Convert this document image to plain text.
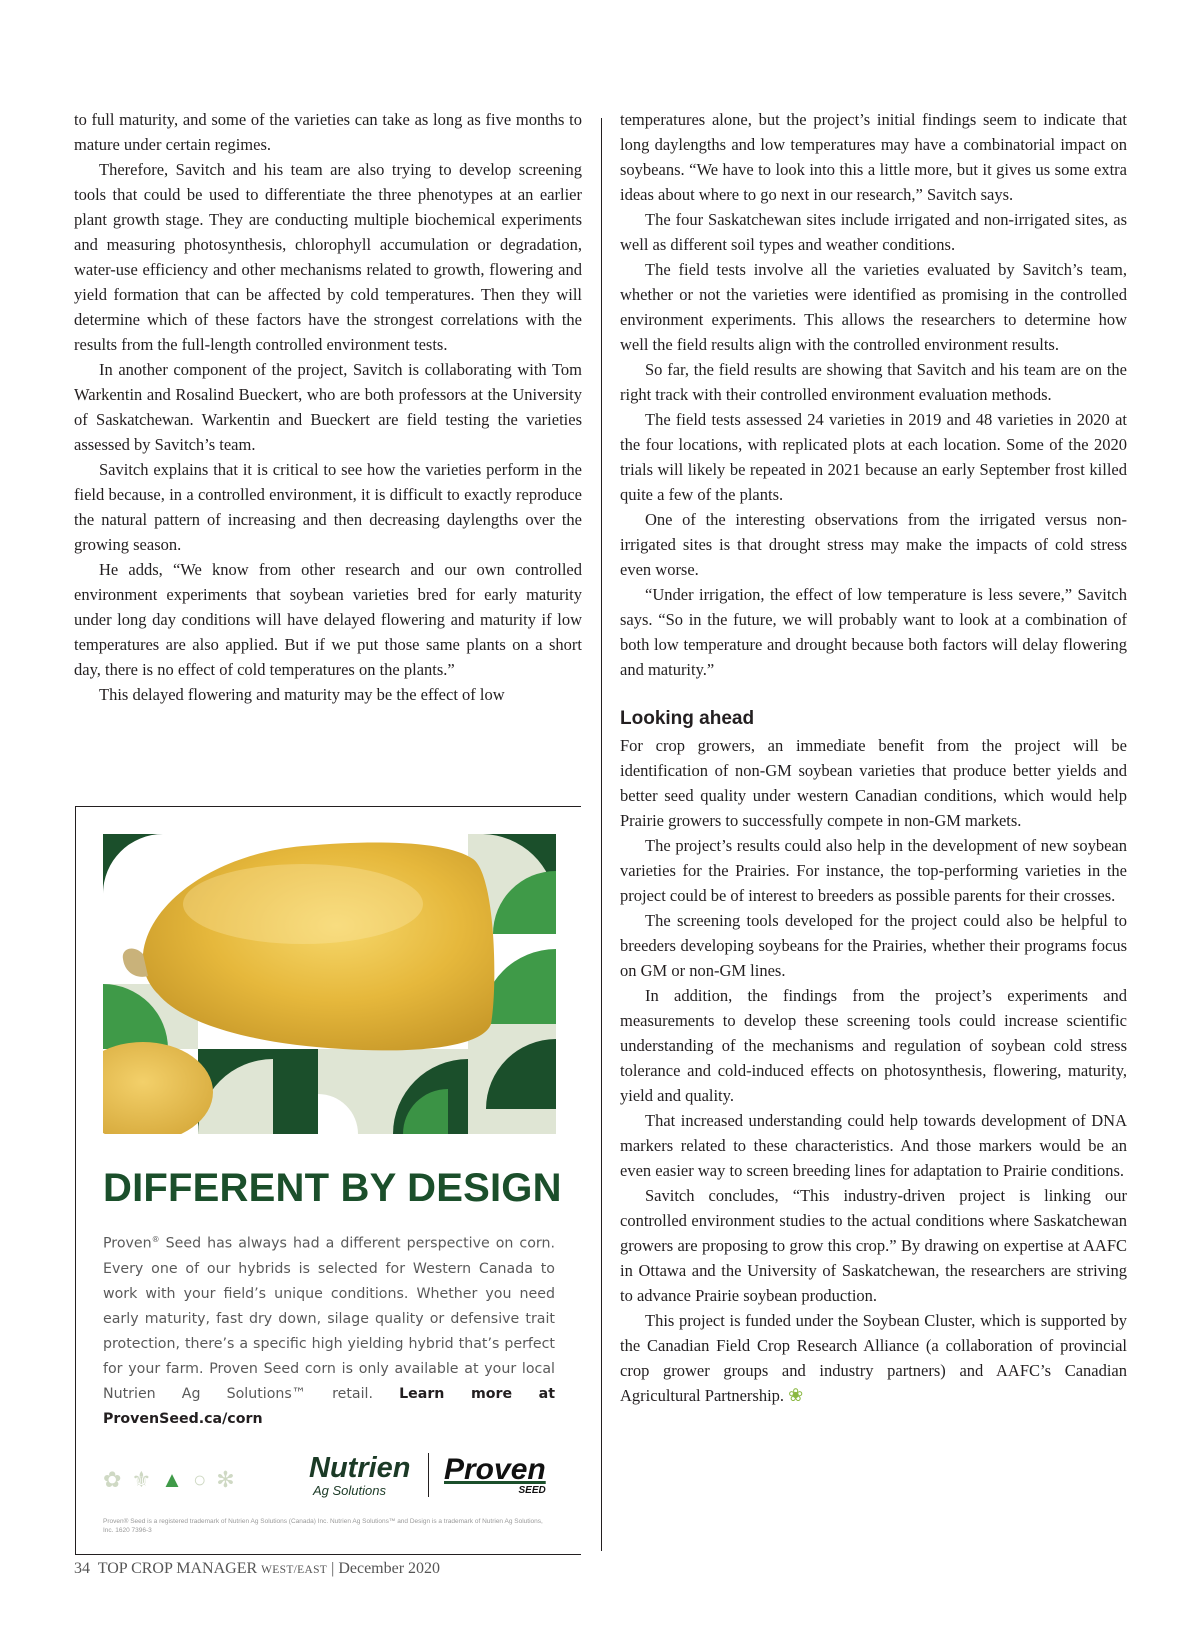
to full maturity, and some of the varieties can take as long as five months to mature under certain regimes.

Therefore, Savitch and his team are also trying to develop screening tools that could be used to differentiate the three phenotypes at an earlier plant growth stage. They are conducting multiple biochemical experiments and measuring photosynthesis, chlorophyll accumulation or degradation, water-use efficiency and other mechanisms related to growth, flowering and yield formation that can be affected by cold temperatures. Then they will determine which of these factors have the strongest correlations with the results from the full-length controlled environment tests.

In another component of the project, Savitch is collaborating with Tom Warkentin and Rosalind Bueckert, who are both professors at the University of Saskatchewan. Warkentin and Bueckert are field testing the varieties assessed by Savitch’s team.

Savitch explains that it is critical to see how the varieties perform in the field because, in a controlled environment, it is difficult to exactly reproduce the natural pattern of increasing and then decreasing daylengths over the growing season.

He adds, “We know from other research and our own controlled environment experiments that soybean varieties bred for early maturity under long day conditions will have delayed flowering and maturity if low temperatures are also applied. But if we put those same plants on a short day, there is no effect of cold temperatures on the plants.”

This delayed flowering and maturity may be the effect of low

temperatures alone, but the project’s initial findings seem to indicate that long daylengths and low temperatures may have a combinatorial impact on soybeans. “We have to look into this a little more, but it gives us some extra ideas about where to go next in our research,” Savitch says.

The four Saskatchewan sites include irrigated and non-irrigated sites, as well as different soil types and weather conditions.

The field tests involve all the varieties evaluated by Savitch’s team, whether or not the varieties were identified as promising in the controlled environment experiments. This allows the researchers to determine how well the field results align with the controlled environment results.

So far, the field results are showing that Savitch and his team are on the right track with their controlled environment evaluation methods.

The field tests assessed 24 varieties in 2019 and 48 varieties in 2020 at the four locations, with replicated plots at each location. Some of the 2020 trials will likely be repeated in 2021 because an early September frost killed quite a few of the plants.

One of the interesting observations from the irrigated versus non-irrigated sites is that drought stress may make the impacts of cold stress even worse.

“Under irrigation, the effect of low temperature is less severe,” Savitch says. “So in the future, we will probably want to look at a combination of both low temperature and drought because both factors will delay flowering and maturity.”

Looking ahead

For crop growers, an immediate benefit from the project will be identification of non-GM soybean varieties that produce better yields and better seed quality under western Canadian conditions, which would help Prairie growers to successfully compete in non-GM markets.

The project’s results could also help in the development of new soybean varieties for the Prairies. For instance, the top-performing varieties in the project could be of interest to breeders as possible parents for their crosses.

The screening tools developed for the project could also be helpful to breeders developing soybeans for the Prairies, whether their programs focus on GM or non-GM lines.

In addition, the findings from the project’s experiments and measurements to develop these screening tools could increase scientific understanding of the mechanisms and regulation of soybean cold stress tolerance and cold-induced effects on photosynthesis, flowering, maturity, yield and quality.

That increased understanding could help towards development of DNA markers related to these characteristics. And those markers would be an even easier way to screen breeding lines for adaptation to Prairie conditions.

Savitch concludes, “This industry-driven project is linking our controlled environment studies to the actual conditions where Saskatchewan growers are proposing to grow this crop.” By drawing on expertise at AAFC in Ottawa and the University of Saskatchewan, the researchers are striving to advance Prairie soybean production.

This project is funded under the Soybean Cluster, which is supported by the Canadian Field Crop Research Alliance (a collaboration of provincial crop grower groups and industry partners) and AAFC’s Canadian Agricultural Partnership. ❀

DIFFERENT BY DESIGN
Proven® Seed has always had a different perspective on corn. Every one of our hybrids is selected for Western Canada to work with your field’s unique conditions. Whether you need early maturity, fast dry down, silage quality or defensive trait protection, there’s a specific high yielding hybrid that’s perfect for your farm. Proven Seed corn is only available at your local Nutrien Ag Solutions™ retail. Learn more at ProvenSeed.ca/corn
✿ ⚜ ▲ ○ ✻	Nutrien
Ag Solutions
Proven
SEED
Proven® Seed is a registered trademark of Nutrien Ag Solutions (Canada) Inc. Nutrien Ag Solutions™ and Design is a trademark of Nutrien Ag Solutions, Inc. 1620 7396-3
34 TOP CROP MANAGER WEST/EAST | December 2020
